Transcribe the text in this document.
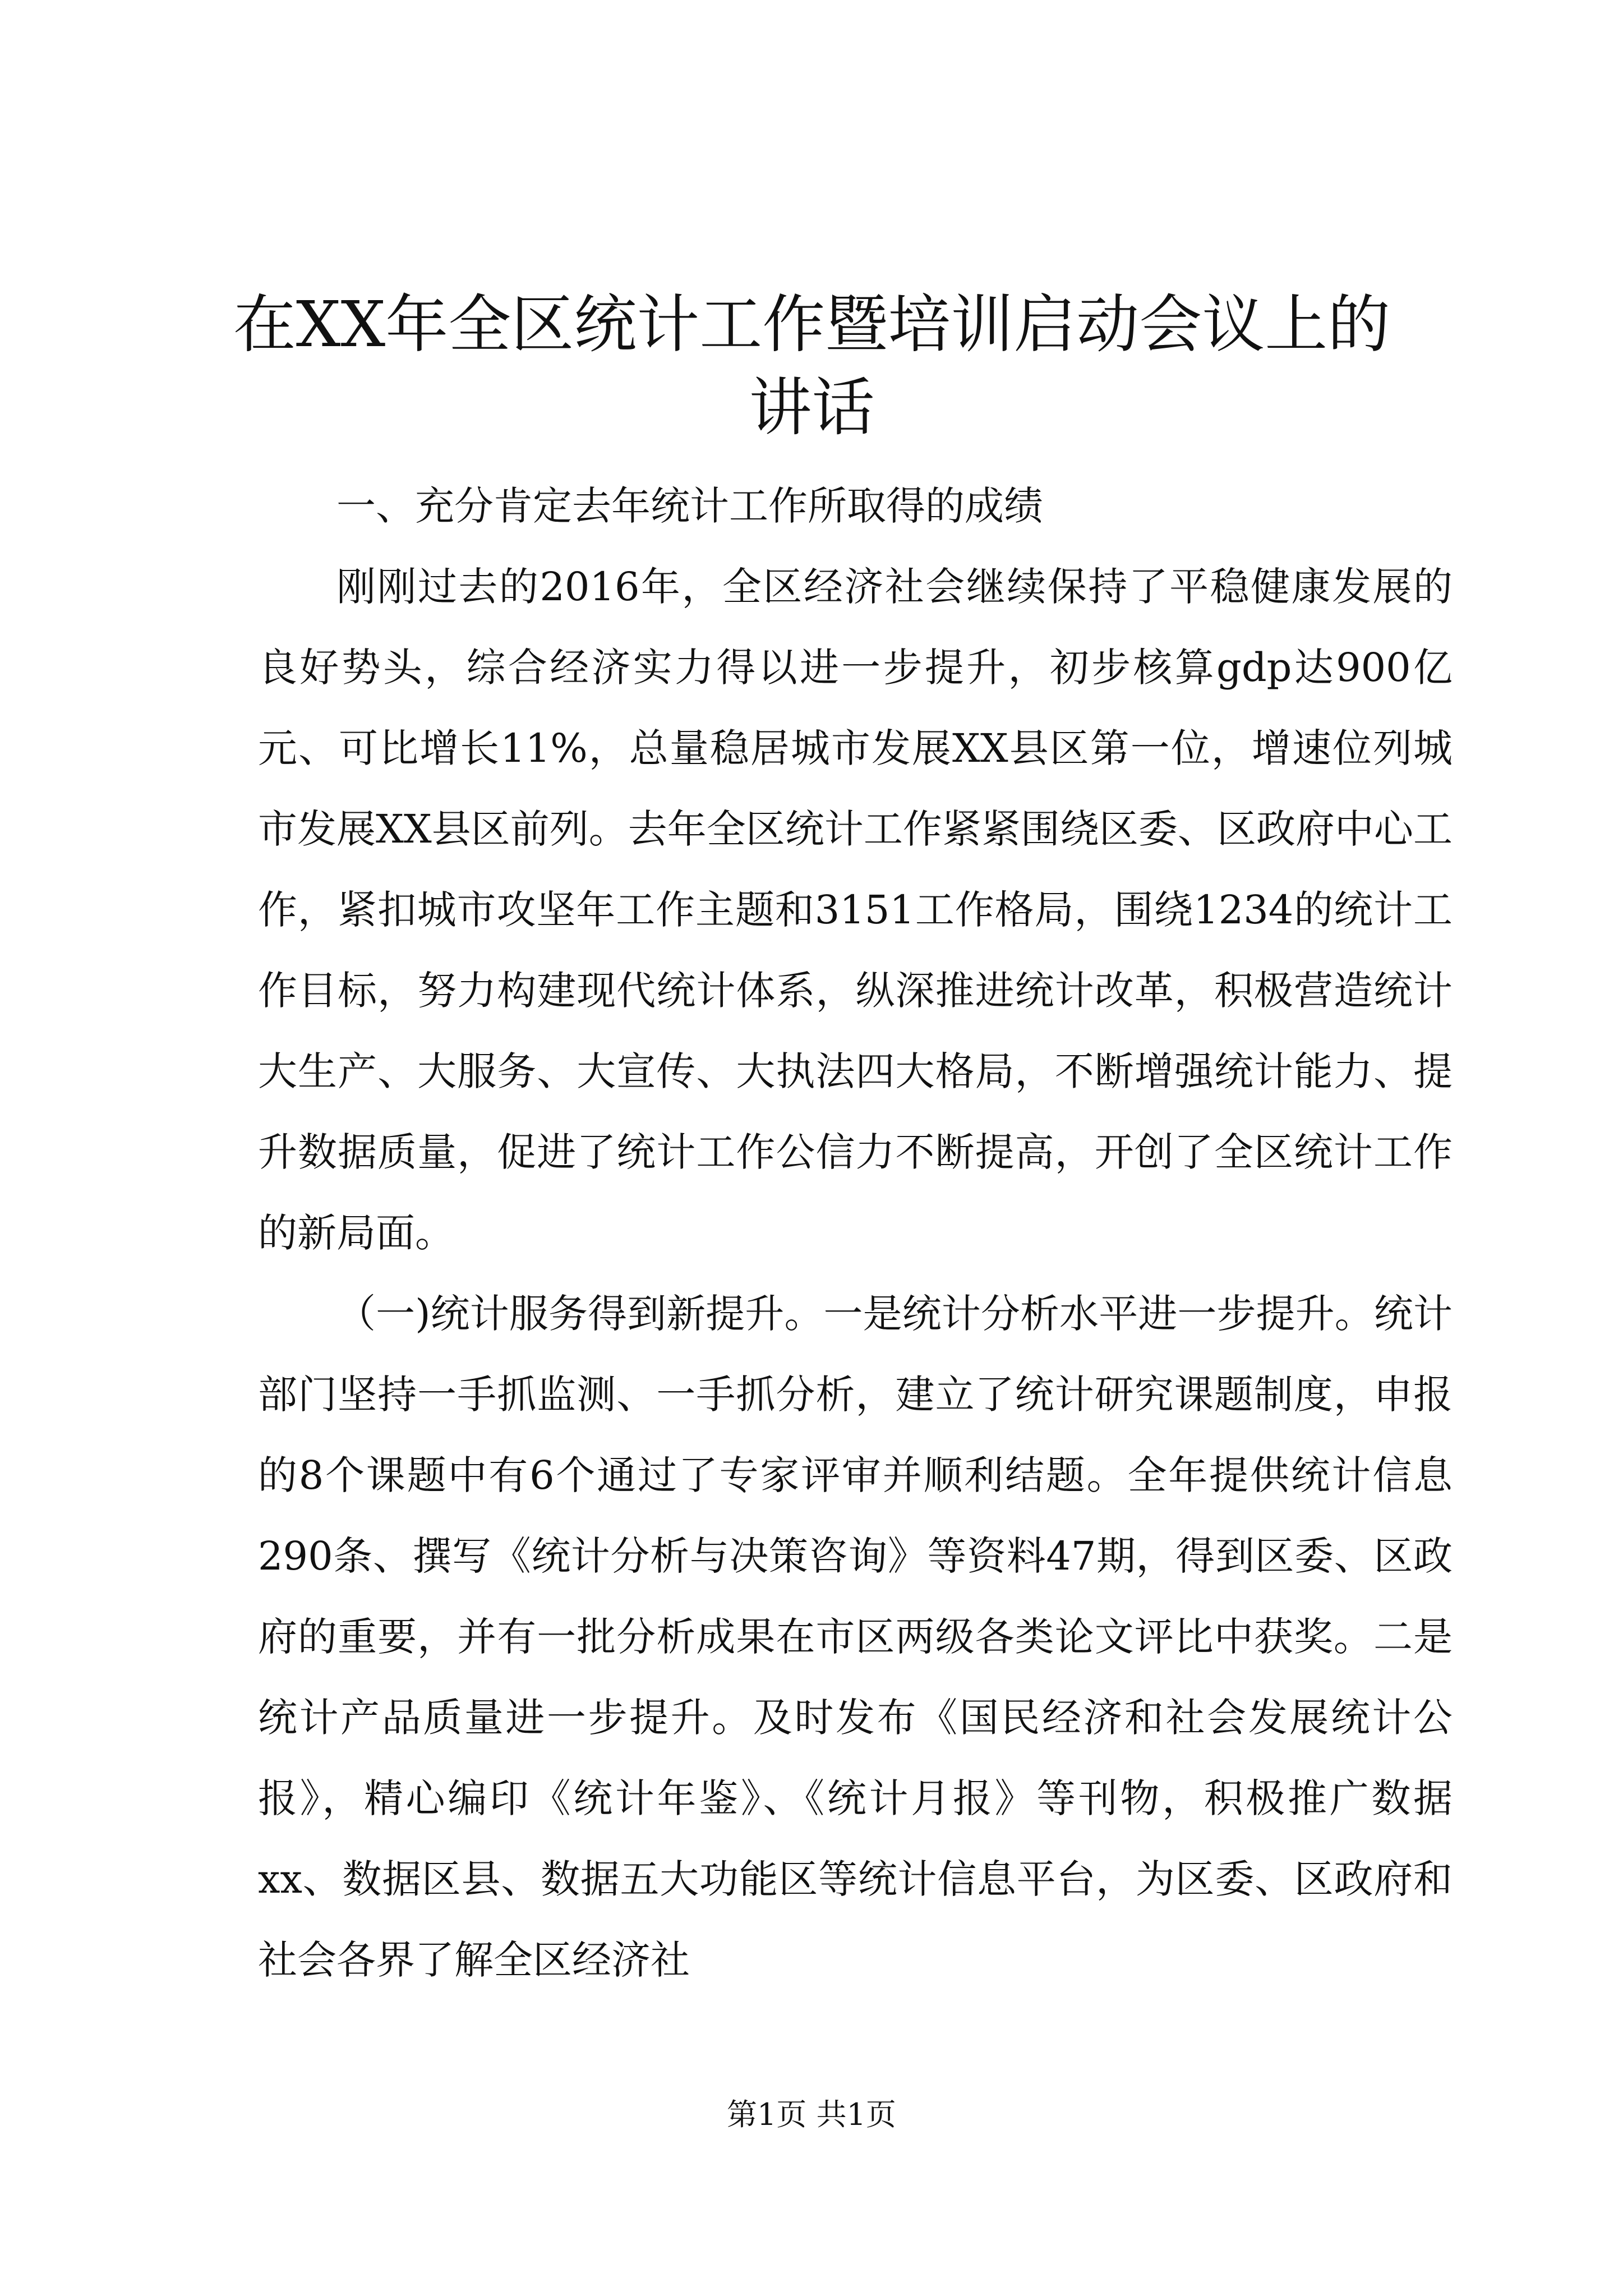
在XX年全区统计工作暨培训启动会议上的讲话

一、充分肯定去年统计工作所取得的成绩

刚刚过去的2016年，全区经济社会继续保持了平稳健康发展的良好势头，综合经济实力得以进一步提升，初步核算gdp达900亿元、可比增长11%，总量稳居城市发展XX县区第一位，增速位列城市发展XX县区前列。去年全区统计工作紧紧围绕区委、区政府中心工作，紧扣城市攻坚年工作主题和3151工作格局，围绕1234的统计工作目标，努力构建现代统计体系，纵深推进统计改革，积极营造统计大生产、大服务、大宣传、大执法四大格局，不断增强统计能力、提升数据质量，促进了统计工作公信力不断提高，开创了全区统计工作的新局面。

（一)统计服务得到新提升。一是统计分析水平进一步提升。统计部门坚持一手抓监测、一手抓分析，建立了统计研究课题制度，申报的8个课题中有6个通过了专家评审并顺利结题。全年提供统计信息290条、撰写《统计分析与决策咨询》等资料47期，得到区委、区政府的重要，并有一批分析成果在市区两级各类论文评比中获奖。二是统计产品质量进一步提升。及时发布《国民经济和社会发展统计公报》，精心编印《统计年鉴》、《统计月报》等刊物，积极推广数据xx、数据区县、数据五大功能区等统计信息平台，为区委、区政府和社会各界了解全区经济社

第1页 共1页
